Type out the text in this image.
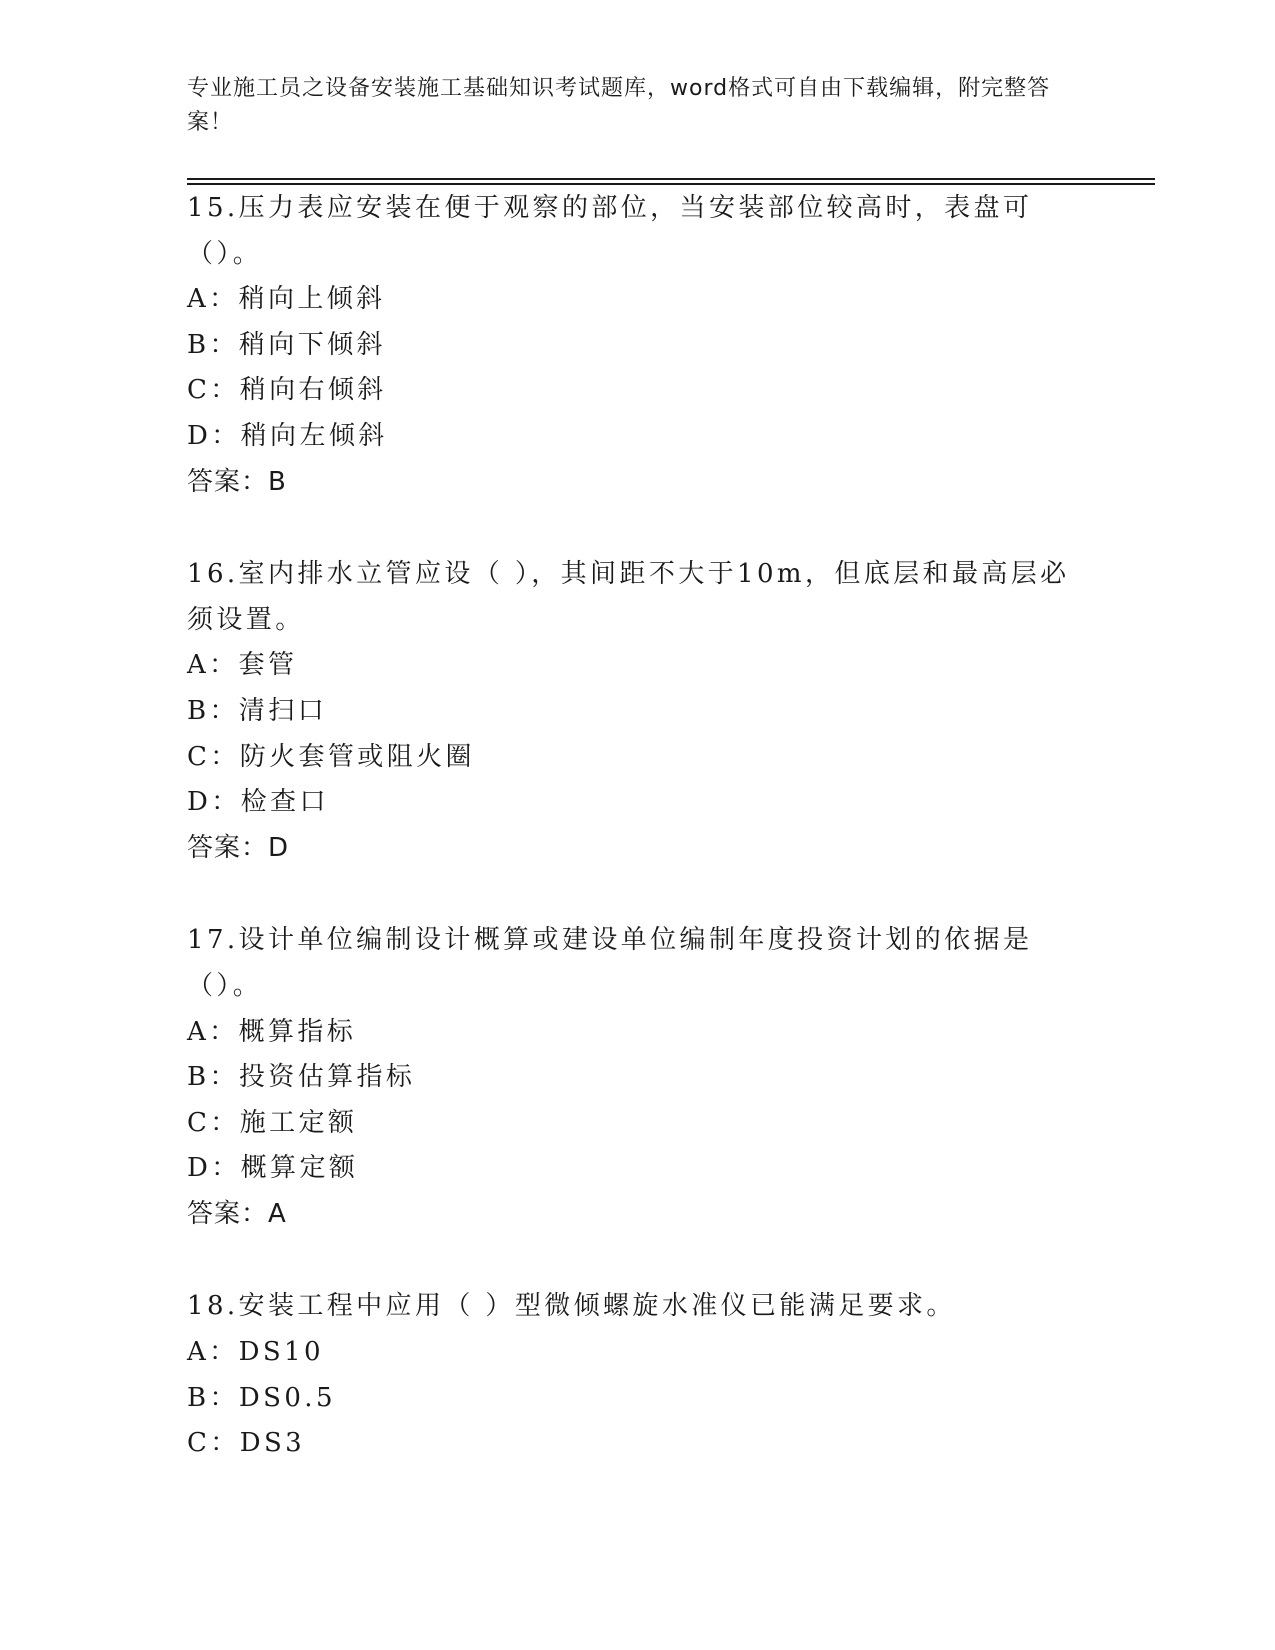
专业施工员之设备安装施工基础知识考试题库，word格式可自由下载编辑，附完整答案！
15.压力表应安装在便于观察的部位，当安装部位较高时，表盘可（）。
A：稍向上倾斜
B：稍向下倾斜
C：稍向右倾斜
D：稍向左倾斜
答案：B
16.室内排水立管应设（ ），其间距不大于10m，但底层和最高层必须设置。
A：套管
B：清扫口
C：防火套管或阻火圈
D：检查口
答案：D
17.设计单位编制设计概算或建设单位编制年度投资计划的依据是（）。
A：概算指标
B：投资估算指标
C：施工定额
D：概算定额
答案：A
18.安装工程中应用（ ）型微倾螺旋水准仪已能满足要求。
A：DS10
B：DS0.5
C：DS3
